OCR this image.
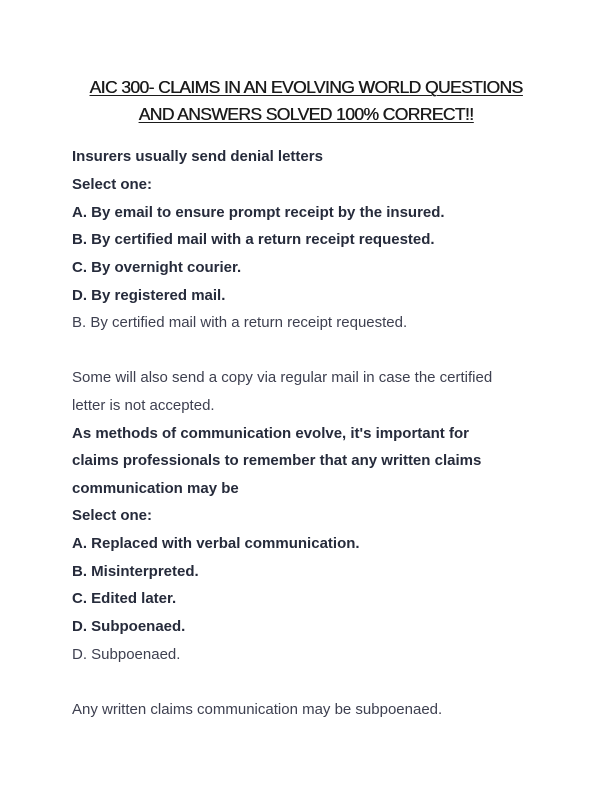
AIC 300- CLAIMS IN AN EVOLVING WORLD QUESTIONS
AND ANSWERS SOLVED 100% CORRECT!!
Insurers usually send denial letters
Select one:
A. By email to ensure prompt receipt by the insured.
B. By certified mail with a return receipt requested.
C. By overnight courier.
D. By registered mail.
B. By certified mail with a return receipt requested.
Some will also send a copy via regular mail in case the certified
letter is not accepted.
As methods of communication evolve, it's important for
claims professionals to remember that any written claims
communication may be
Select one:
A. Replaced with verbal communication.
B. Misinterpreted.
C. Edited later.
D. Subpoenaed.
D. Subpoenaed.
Any written claims communication may be subpoenaed.
